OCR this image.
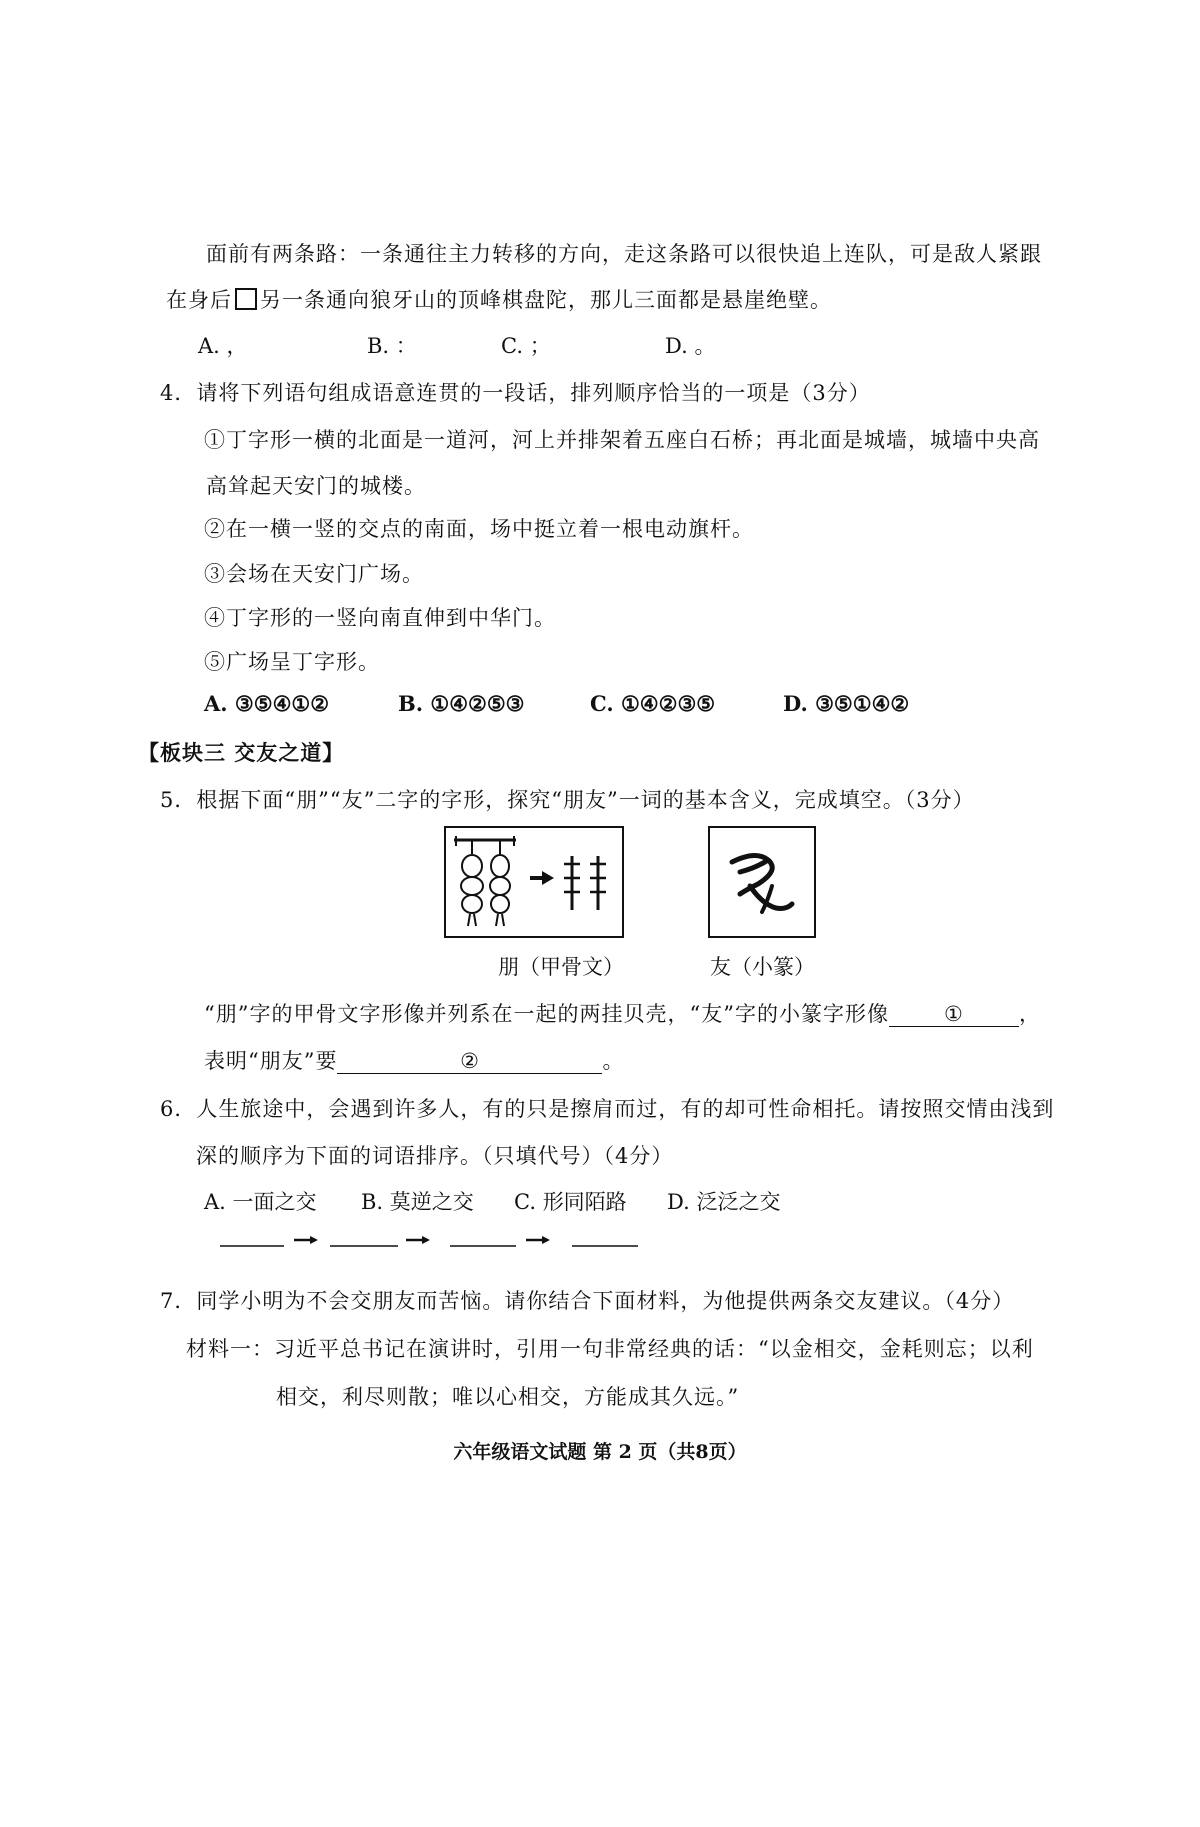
面前有两条路：一条通往主力转移的方向，走这条路可以很快追上连队，可是敌人紧跟
在身后 另一条通向狼牙山的顶峰棋盘陀，那儿三面都是悬崖绝壁。
A. ，	B. ：	C. ；	D. 。
4．请将下列语句组成语意连贯的一段话，排列顺序恰当的一项是（3分）
①丁字形一横的北面是一道河，河上并排架着五座白石桥；再北面是城墙，城墙中央高
高耸起天安门的城楼。
②在一横一竖的交点的南面，场中挺立着一根电动旗杆。
③会场在天安门广场。
④丁字形的一竖向南直伸到中华门。
⑤广场呈丁字形。
A. ③⑤④①②	B. ①④②⑤③	C. ①④②③⑤	D. ③⑤①④②
【板块三 交友之道】
5．根据下面“朋”“友”二字的字形，探究“朋友”一词的基本含义，完成填空。（3分）
朋（甲骨文）	友（小篆）
“朋”字的甲骨文字形像并列系在一起的两挂贝壳，“友”字的小篆字形像	①	，
表明“朋友”要	②	。
6．人生旅途中，会遇到许多人，有的只是擦肩而过，有的却可性命相托。请按照交情由浅到
深的顺序为下面的词语排序。（只填代号）（4分）
A. 一面之交 B. 莫逆之交 C. 形同陌路 D. 泛泛之交
7．同学小明为不会交朋友而苦恼。请你结合下面材料，为他提供两条交友建议。（4分）
材料一：习近平总书记在演讲时，引用一句非常经典的话：“以金相交，金耗则忘；以利
相交，利尽则散；唯以心相交，方能成其久远。”
六年级语文试题 第 2 页（共8页）
